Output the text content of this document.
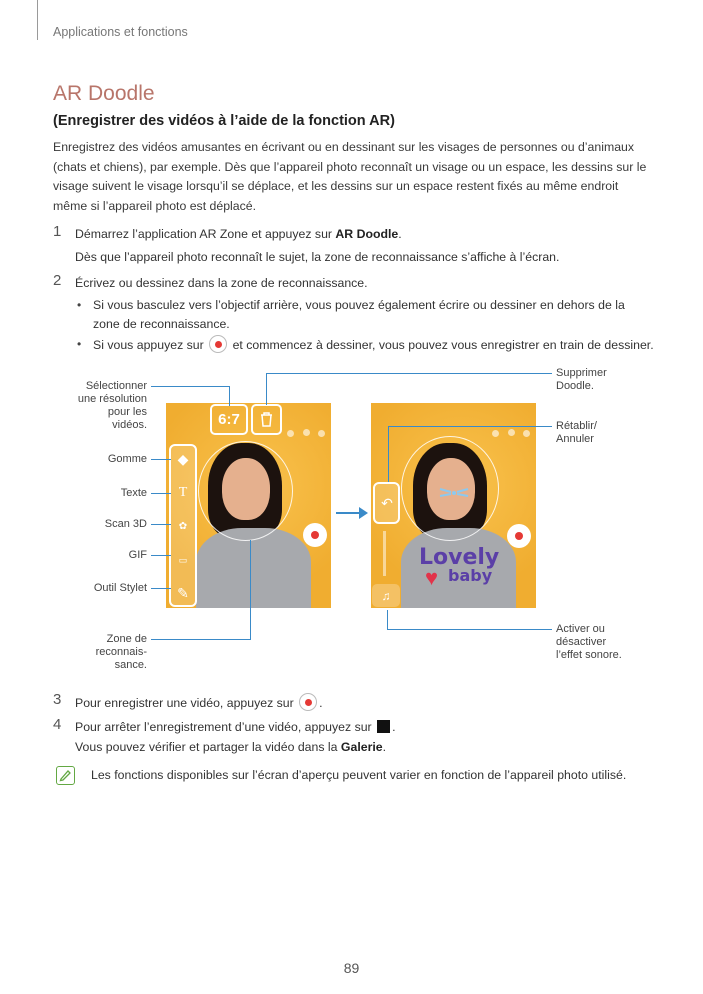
Applications et fonctions
AR Doodle
(Enregistrer des vidéos à l’aide de la fonction AR)
Enregistrez des vidéos amusantes en écrivant ou en dessinant sur les visages de personnes ou d’animaux (chats et chiens), par exemple. Dès que l’appareil photo reconnaît un visage ou un espace, les dessins sur le visage suivent le visage lorsqu’il se déplace, et les dessins sur un espace restent fixés au même endroit même si l’appareil photo est déplacé.
1 Démarrez l’application AR Zone et appuyez sur AR Doodle.
Dès que l’appareil photo reconnaît le sujet, la zone de reconnaissance s’affiche à l’écran.
2 Écrivez ou dessinez dans la zone de reconnaissance.
• Si vous basculez vers l’objectif arrière, vous pouvez également écrire ou dessiner en dehors de la
zone de reconnaissance.
• Si vous appuyez sur  et commencez à dessiner, vous pouvez vous enregistrer en train de dessiner.
◆
T
✿
▭
✎
6:7
Lovely
baby
♥
↶
♫
Sélectionner
une résolution
pour les
vidéos.
Gomme
Texte
Scan 3D
GIF
Outil Stylet
Zone de
reconnais-
sance.
Supprimer
Doodle.
Rétablir/
Annuler
Activer ou
désactiver
l’effet sonore.
3 Pour enregistrer une vidéo, appuyez sur .
4 Pour arrêter l’enregistrement d’une vidéo, appuyez sur .
Vous pouvez vérifier et partager la vidéo dans la Galerie.
Les fonctions disponibles sur l’écran d’aperçu peuvent varier en fonction de l’appareil photo utilisé.
89
